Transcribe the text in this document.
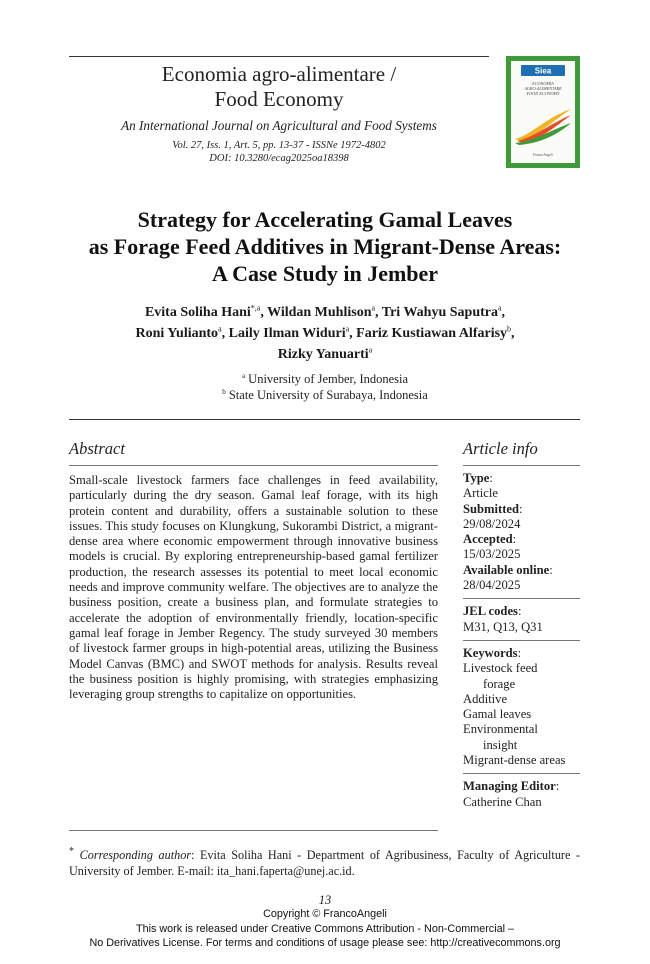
Economia agro-alimentare /
Food Economy
An International Journal on Agricultural and Food Systems
Vol. 27, Iss. 1, Art. 5, pp. 13-37 - ISSNe 1972-4802
DOI: 10.3280/ecag2025oa18398
Siea
ECONOMIA
AGRO-ALIMENTARE
FOOD ECONOMY
FrancoAngeli
Strategy for Accelerating Gamal Leaves
as Forage Feed Additives in Migrant-Dense Areas:
A Case Study in Jember
Evita Soliha Hani$^{*,a}$, Wildan Muhlison$^a$, Tri Wahyu Saputra$^a$,
Roni Yulianto$^a$, Laily Ilman Widuri$^a$, Fariz Kustiawan Alfarisy$^b$,
Rizky Yanuarti$^a$
$^a$ University of Jember, Indonesia
$^b$ State University of Surabaya, Indonesia
Abstract
Small-scale livestock farmers face challenges in feed availability, particularly during the dry season. Gamal leaf forage, with its high protein content and durability, offers a sustainable solution to these issues. This study focuses on Klungkung, Sukorambi District, a migrant-dense area where economic empowerment through innovative business models is crucial. By exploring entrepreneurship-based gamal fertilizer production, the research assesses its potential to meet local economic needs and improve community welfare. The objectives are to analyze the business position, create a business plan, and formulate strategies to accelerate the adoption of environmentally friendly, location-specific gamal leaf forage in Jember Regency. The study surveyed 30 members of livestock farmer groups in high-potential areas, utilizing the Business Model Canvas (BMC) and SWOT methods for analysis. Results reveal the business position is highly promising, with strategies emphasizing leveraging group strengths to capitalize on opportunities.
Article info
Type:
Article
Submitted:
29/08/2024
Accepted:
15/03/2025
Available online:
28/04/2025
JEL codes:
M31, Q13, Q31
Keywords:
Livestock feed
forage
Additive
Gamal leaves
Environmental
insight
Migrant-dense areas
Managing Editor:
Catherine Chan
* Corresponding author: Evita Soliha Hani - Department of Agribusiness, Faculty of Agriculture - University of Jember. E-mail: ita_hani.faperta@unej.ac.id.
13
Copyright © FrancoAngeli
This work is released under Creative Commons Attribution - Non-Commercial –
No Derivatives License. For terms and conditions of usage please see: http://creativecommons.org
